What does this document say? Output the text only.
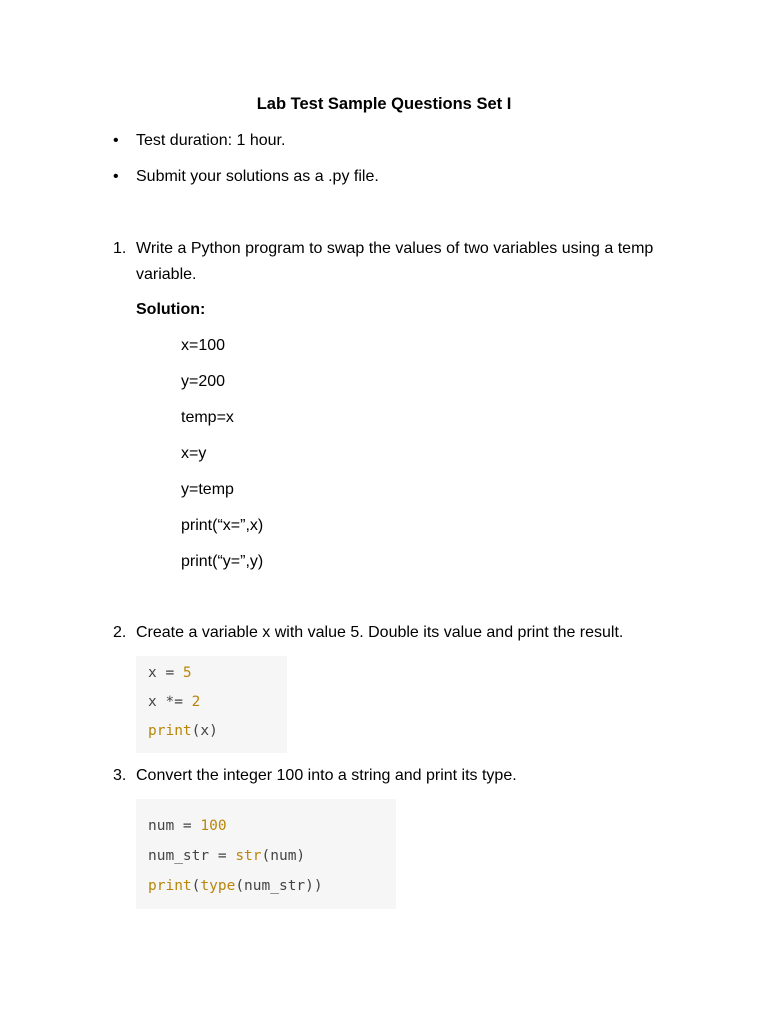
Lab Test Sample Questions Set I
•	Test duration: 1 hour.
•	Submit your solutions as a .py file.
1. Write a Python program to swap the values of two variables using a temp variable.
Solution:
x=100
y=200
temp=x
x=y
y=temp
print(“x=”,x)
print(“y=”,y)
2. Create a variable x with value 5. Double its value and print the result.
x = 5
x *= 2
print(x)
3. Convert the integer 100 into a string and print its type.
num = 100
num_str = str(num)
print(type(num_str))
